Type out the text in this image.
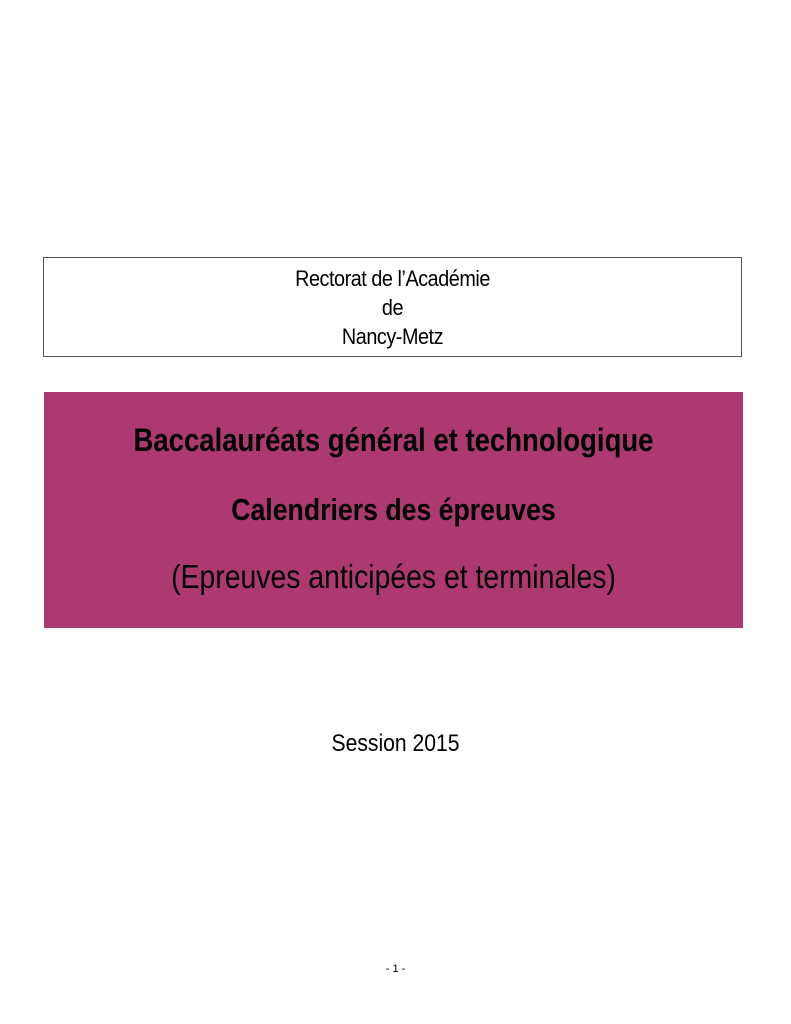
Rectorat de l’Académie
de
Nancy-Metz
Baccalauréats général et technologique
Calendriers des épreuves
(Epreuves anticipées et terminales)
Session 2015
- 1 -
